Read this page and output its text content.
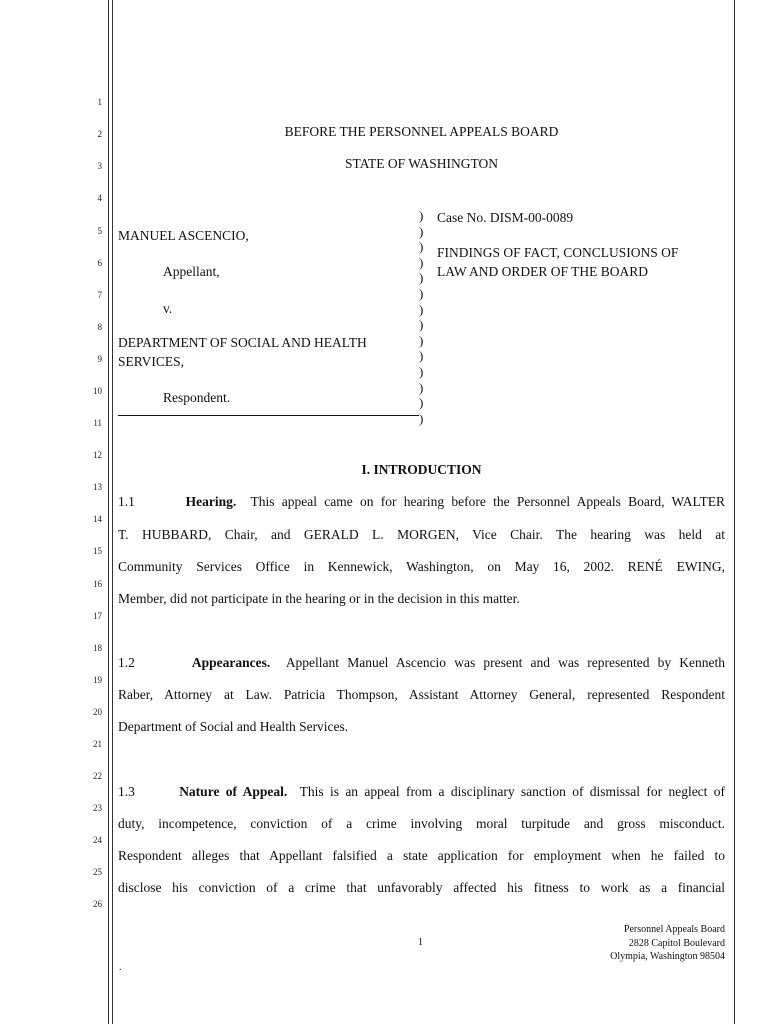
1
2
3
4
5
6
7
8
9
10
11
12
13
14
15
16
17
18
19
20
21
22
23
24
25
26
BEFORE THE PERSONNEL APPEALS BOARD
STATE OF WASHINGTON
MANUEL ASCENCIO,
Appellant,
v.
DEPARTMENT OF SOCIAL AND HEALTH
SERVICES,
Respondent.
)
)
)
)
)
)
)
)
)
)
)
)
)
)
Case No. DISM-00-0089
FINDINGS OF FACT, CONCLUSIONS OF
LAW AND ORDER OF THE BOARD
I. INTRODUCTION
1.1	Hearing. This appeal came on for hearing before the Personnel Appeals Board, WALTER
T. HUBBARD, Chair, and GERALD L. MORGEN, Vice Chair. The hearing was held at
Community Services Office in Kennewick, Washington, on May 16, 2002. RENÉ EWING,
Member, did not participate in the hearing or in the decision in this matter.
1.2	Appearances. Appellant Manuel Ascencio was present and was represented by Kenneth
Raber, Attorney at Law. Patricia Thompson, Assistant Attorney General, represented Respondent
Department of Social and Health Services.
1.3	Nature of Appeal. This is an appeal from a disciplinary sanction of dismissal for neglect of
duty, incompetence, conviction of a crime involving moral turpitude and gross misconduct.
Respondent alleges that Appellant falsified a state application for employment when he failed to
disclose his conviction of a crime that unfavorably affected his fitness to work as a financial
1
Personnel Appeals Board
2828 Capitol Boulevard
Olympia, Washington 98504
.
